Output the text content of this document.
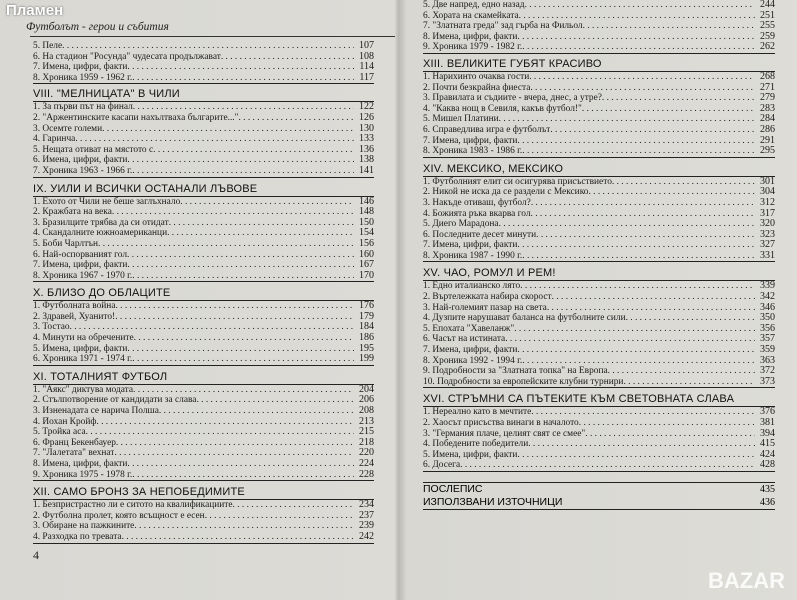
Пламен
Футболът - герои и събития
5. Пеле . . .	107
6. На стадион "Росунда" чудесата продължават . . .	108
7. Имена, цифри, факти . . .	114
8. Хроника 1959 - 1962 г. . . .	117
VIII. "МЕЛНИЦАТА" В ЧИЛИ
1. За първи път на финал . . .	122
2. "Аржентинските касапи нахълтваха българите..." . . .	126
3. Осемте големи . . .	130
4. Гаринча . . .	133
5. Нещата отиват на мястото с . . .	136
6. Имена, цифри, факти . . .	138
7. Хроника 1963 - 1966 г. . . .	141
IX. УИЛИ И ВСИЧКИ ОСТАНАЛИ ЛЪВОВЕ
1. Ехото от Чили не беше заглъхнало . . .	146
2. Кражбата на века . . .	148
3. Бразилците трябва да си отидат . . .	150
4. Скандалните южноамериканци . . .	154
5. Боби Чарлтън . . .	156
6. Най-оспорваният гол . . .	160
7. Имена, цифри, факти . . .	167
8. Хроника 1967 - 1970 г. . . .	170
X. БЛИЗО ДО ОБЛАЦИТЕ
1. Футболната война . . .	176
2. Здравей, Хуанито! . . .	179
3. Тостао . . .	184
4. Минути на обречените . . .	186
5. Имена, цифри, факти . . .	195
6. Хроника 1971 - 1974 г. . . .	199
XI. ТОТАЛНИЯТ ФУТБОЛ
1. "Аякс" диктува модата . . .	204
2. Стълпотворение от кандидати за слава . . .	206
3. Изненадата се нарича Полша . . .	208
4. Йохан Кройф . . .	213
5. Тройка аса . . .	215
6. Франц Бекенбауер . . .	218
7. "Лалетата" вехнат . . .	220
8. Имена, цифри, факти . . .	224
9. Хроника 1975 - 1978 г. . . .	228
XII. САМО БРОНЗ ЗА НЕПОБЕДИМИТЕ
1. Безпристрастно ли е ситото на квалификациите . . .	234
2. Футболна пролет, която всъщност е есен . . .	237
3. Обиране на пажкините . . .	239
4. Разходка по тревата . . .	242
4
5. Две напред, едно назад . . .	244
6. Хората на скамейката . . .	251
7. "Златната греда" зад гърба на Фильол . . .	255
8. Имена, цифри, факти . . .	259
9. Хроника 1979 - 1982 г. . . .	262
XIII. ВЕЛИКИТЕ ГУБЯТ КРАСИВО
1. Нарихинто очаква гости . . .	268
2. Почти безкрайна фиеста . . .	271
3. Правилата и съдиите - вчера, днес, а утре? . . .	279
4. "Каква нощ в Севиля, какъв футбол!" . . .	283
5. Мишел Платини . . .	284
6. Справедлива игра е футболът . . .	286
7. Имена, цифри, факти . . .	291
8. Хроника 1983 - 1986 г. . . .	295
XIV. МЕКСИКО, МЕКСИКО
1. Футболният елит си осигурява присъствието . . .	301
2. Никой не иска да се раздели с Мексико . . .	304
3. Накъде отиваш, футбол? . . .	312
4. Божията ръка вкарва гол . . .	317
5. Диего Марадона . . .	320
6. Последните десет минути . . .	323
7. Имена, цифри, факти . . .	327
8. Хроника 1987 - 1990 г. . . .	331
XV. ЧАО, РОМУЛ И РЕМ!
1. Едно италианско лято . . .	339
2. Въртележката набира скорост . . .	342
3. Най-големият пазар на света . . .	346
4. Дузпите нарушават баланса на футболните сили . . .	350
5. Епохата "Хавеланж" . . .	356
6. Часът на истината . . .	357
7. Имена, цифри, факти . . .	359
8. Хроника 1992 - 1994 г. . . .	363
9. Подробности за "Златната топка" на Европа . . .	372
10. Подробности за европейските клубни турнири . . .	373
XVI. СТРЪМНИ СА ПЪТЕКИТЕ КЪМ СВЕТОВНАТА СЛАВА
1. Нереално като в мечтите . . .	376
2. Хаосът присъства винаги в началото . . .	381
3. "Германия плаче, целият свят се смее" . . .	394
4. Победените победители . . .	415
5. Имена, цифри, факти . . .	424
6. Досега . . .	428
ПОСЛЕПИС	435
ИЗПОЛЗВАНИ ИЗТОЧНИЦИ	436
BAZAR
